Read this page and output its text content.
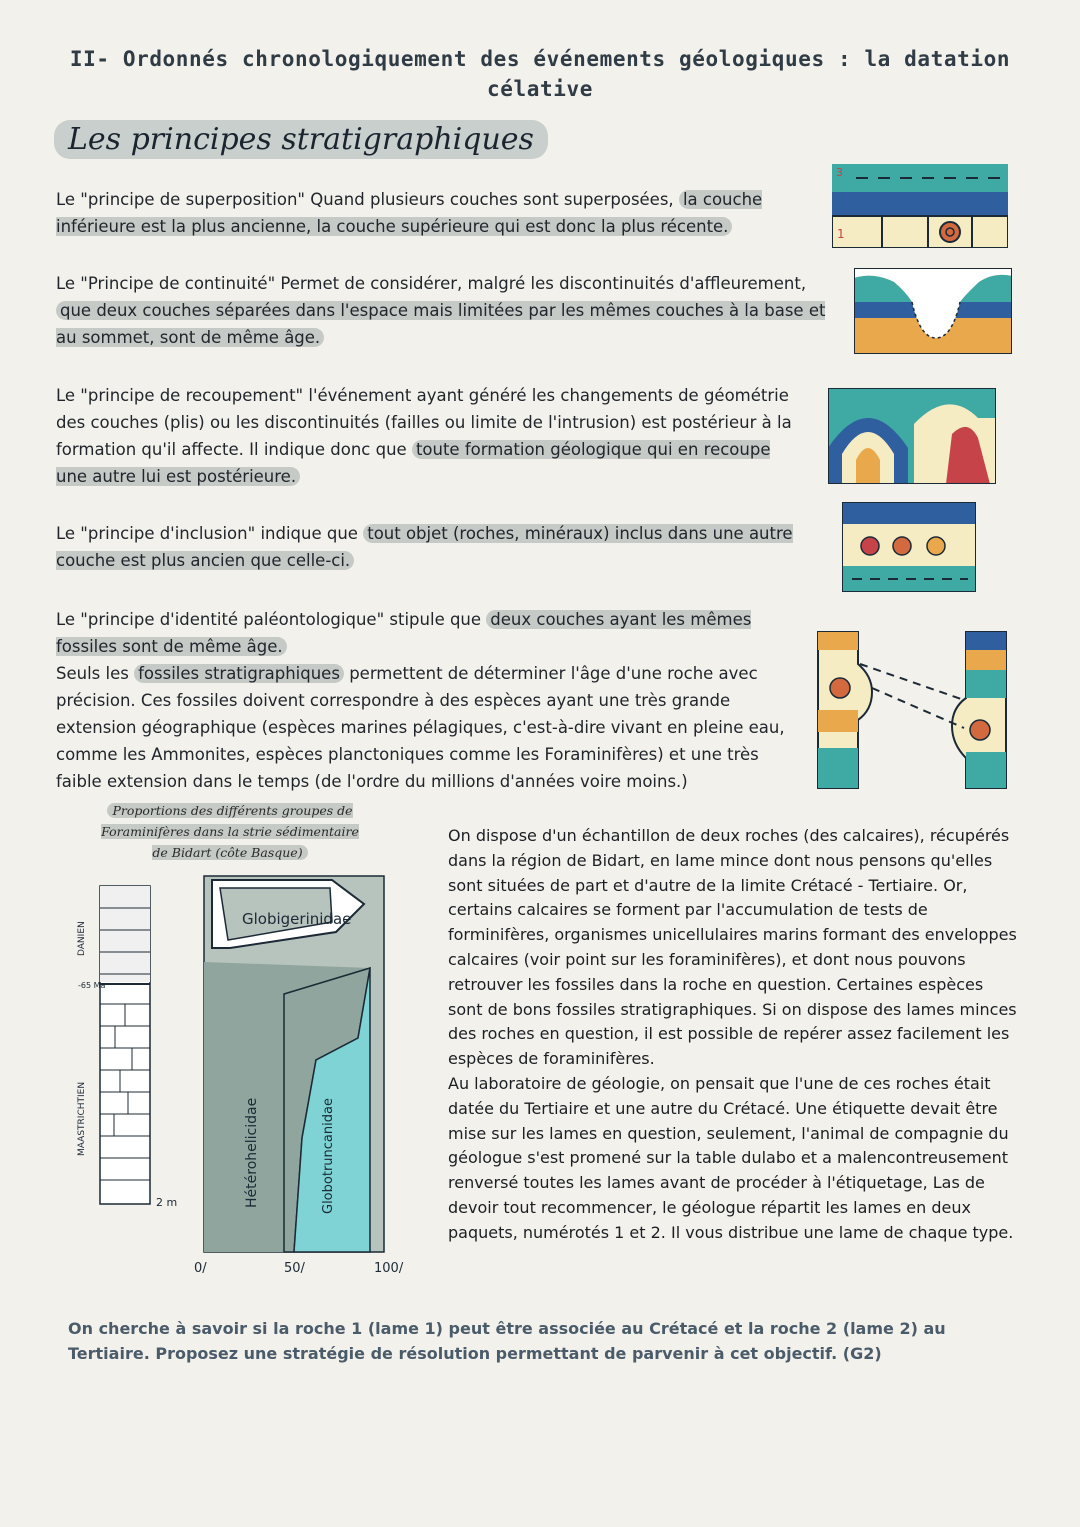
II- Ordonnés chronologiquement des événements géologiques : la datation célative
Les principes stratigraphiques
Le "principe de superposition" Quand plusieurs couches sont superposées, la couche inférieure est la plus ancienne, la couche supérieure qui est donc la plus récente.
Le "Principe de continuité" Permet de considérer, malgré les discontinuités d'affleurement, que deux couches séparées dans l'espace mais limitées par les mêmes couches à la base et au sommet, sont de même âge.
Le "principe de recoupement" l'événement ayant généré les changements de géométrie des couches (plis) ou les discontinuités (failles ou limite de l'intrusion) est postérieur à la formation qu'il affecte. Il indique donc que toute formation géologique qui en recoupe une autre lui est postérieure.
Le "principe d'inclusion" indique que tout objet (roches, minéraux) inclus dans une autre couche est plus ancien que celle-ci.
Le "principe d'identité paléontologique" stipule que deux couches ayant les mêmes fossiles sont de même âge.
Seuls les fossiles stratigraphiques permettent de déterminer l'âge d'une roche avec précision. Ces fossiles doivent correspondre à des espèces ayant une très grande extension géographique (espèces marines pélagiques, c'est-à-dire vivant en pleine eau, comme les Ammonites, espèces planctoniques comme les Foraminifères) et une très faible extension dans le temps (de l'ordre du millions d'années voire moins.)
3
1
Proportions des différents groupes de Foraminifères dans la strie sédimentaire de Bidart (côte Basque)
DANIEN
MAASTRICHTIEN
-65 Ma
2 m
Globigerinidae
Hétérohelicidae	Globotruncanidae
0/	50/	100/
On dispose d'un échantillon de deux roches (des calcaires), récupérés dans la région de Bidart, en lame mince dont nous pensons qu'elles sont situées de part et d'autre de la limite Crétacé - Tertiaire. Or, certains calcaires se forment par l'accumulation de tests de forminifères, organismes unicellulaires marins formant des enveloppes calcaires (voir point sur les foraminifères), et dont nous pouvons retrouver les fossiles dans la roche en question. Certaines espèces sont de bons fossiles stratigraphiques. Si on dispose des lames minces des roches en question, il est possible de repérer assez facilement les espèces de foraminifères.
Au laboratoire de géologie, on pensait que l'une de ces roches était datée du Tertiaire et une autre du Crétacé. Une étiquette devait être mise sur les lames en question, seulement, l'animal de compagnie du géologue s'est promené sur la table dulabo et a malencontreusement renversé toutes les lames avant de procéder à l'étiquetage, Las de devoir tout recommencer, le géologue répartit les lames en deux paquets, numérotés 1 et 2. Il vous distribue une lame de chaque type.
On cherche à savoir si la roche 1 (lame 1) peut être associée au Crétacé et la roche 2 (lame 2) au Tertiaire. Proposez une stratégie de résolution permettant de parvenir à cet objectif. (G2)
